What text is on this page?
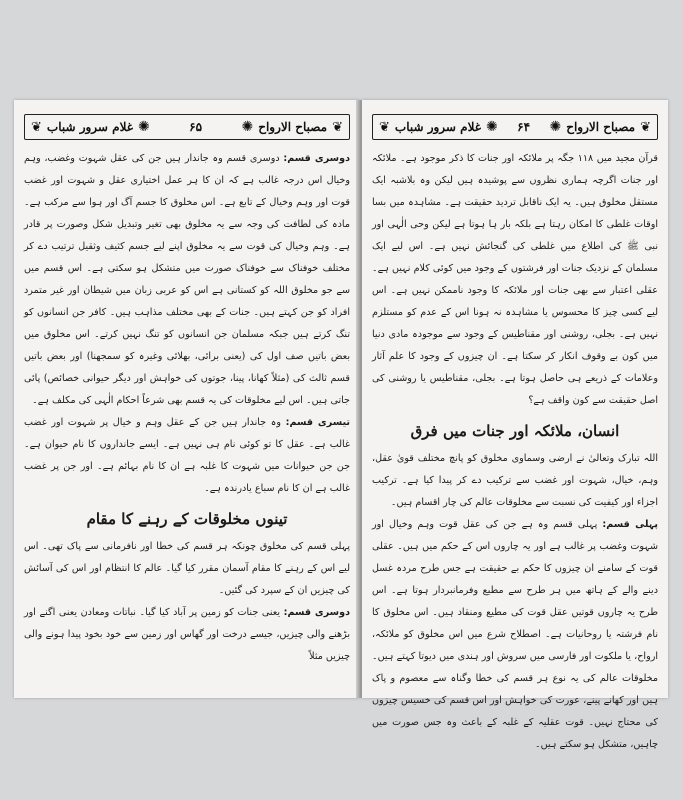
❦ غلام سرور شباب ✺	۶۵	✺ مصباح الارواح ❦

دوسری قسم: دوسری قسم وہ جاندار ہیں جن کی عقل شہوت وغضب، وہم وخیال اس درجہ غالب ہے کہ ان کا ہر عمل اختیاری عقل و شہوت اور غضب قوت اور وہم وخیال کے تابع ہے۔ اس مخلوق کا جسم آگ اور ہوا سے مرکب ہے۔ مادہ کی لطافت کی وجہ سے یہ مخلوق بھی تغیر وتبدیل شکل وصورت پر قادر ہے۔ وہم وخیال کی قوت سے یہ مخلوق اپنے لیے جسم کثیف وثقیل ترتیب دے کر مختلف خوفناک سے خوفناک صورت میں متشکل ہو سکتی ہے۔ اس قسم میں سے جو مخلوق اللہ کو کستانی ہے اس کو عربی زبان میں شیطان اور غیر متمرد افراد کو جن کہتے ہیں۔ جنات کے بھی مختلف مذاہب ہیں۔ کافر جن انسانوں کو تنگ کرتے ہیں جبکہ مسلمان جن انسانوں کو تنگ نہیں کرتے۔ اس مخلوق میں بعض باتیں صف اول کی (یعنی برائی، بھلائی وغیرہ کو سمجھنا) اور بعض باتیں قسم ثالث کی (مثلاً کھانا، پینا، جوتوں کی خواہش اور دیگر حیوانی خصائص) پائی جاتی ہیں۔ اس لیے مخلوقات کی یہ قسم بھی شرعاً احکام الٰہی کی مکلف ہے۔

تیسری قسم: وہ جاندار ہیں جن کے عقل وہم و خیال پر شہوت اور غضب غالب ہے۔ عقل کا تو کوئی نام ہی نہیں ہے۔ ایسے جانداروں کا نام حیوان ہے۔ جن جن حیوانات میں شہوت کا غلبہ ہے ان کا نام بہائم ہے۔ اور جن پر غضب غالب ہے ان کا نام سباع یادرندہ ہے۔

تینوں مخلوقات کے رہنے کا مقام

پہلی قسم کی مخلوق چونکہ ہر قسم کی خطا اور نافرمانی سے پاک تھی۔ اس لیے اس کے رہنے کا مقام آسمان مقرر کیا گیا۔ عالم کا انتظام اور اس کی آسائش کی چیزیں ان کے سپرد کی گئیں۔

دوسری قسم: یعنی جنات کو زمین پر آباد کیا گیا۔ نباتات ومعادن یعنی اگنے اور بڑھنے والی چیزیں، جیسے درخت اور گھاس اور زمین سے خود بخود پیدا ہونے والی چیزیں مثلاً

❦ غلام سرور شباب ✺ ۶۴ ✺ مصباح الارواح ❦

قرآن مجید میں ۱۱۸ جگہ پر ملائکہ اور جنات کا ذکر موجود ہے۔ ملائکہ اور جنات اگرچہ ہماری نظروں سے پوشیدہ ہیں لیکن وہ بلاشبہ ایک مستقل مخلوق ہیں۔ یہ ایک ناقابل تردید حقیقت ہے۔ مشاہدہ میں بسا اوقات غلطی کا امکان رہتا ہے بلکہ بار ہا ہوتا ہے لیکن وحی الٰہی اور نبی ﷺ کی اطلاع میں غلطی کی گنجائش نہیں ہے۔ اس لیے ایک مسلمان کے نزدیک جنات اور فرشتوں کے وجود میں کوئی کلام نہیں ہے۔ عقلی اعتبار سے بھی جنات اور ملائکہ کا وجود ناممکن نہیں ہے۔ اس لیے کسی چیز کا محسوس یا مشاہدہ نہ ہونا اس کے عدم کو مستلزم نہیں ہے۔ بجلی، روشنی اور مقناطیس کے وجود سے موجودہ مادی دنیا میں کون بے وقوف انکار کر سکتا ہے۔ ان چیزوں کے وجود کا علم آثار وعلامات کے ذریعے ہی حاصل ہوتا ہے۔ بجلی، مقناطیس یا روشنی کی اصل حقیقت سے کون واقف ہے؟

انسان، ملائکہ اور جنات میں فرق

اللہ تبارک وتعالیٰ نے ارضی وسماوی مخلوق کو پانچ مختلف قویٰ عقل، وہم، خیال، شہوت اور غضب سے ترکیب دے کر پیدا کیا ہے۔ ترکیب اجزاء اور کیفیت کی نسبت سے مخلوقات عالم کی چار اقسام ہیں۔

پہلی قسم: پہلی قسم وہ ہے جن کی عقل قوت وہم وخیال اور شہوت وغضب پر غالب ہے اور یہ چاروں اس کے حکم میں ہیں۔ عقلی قوت کے سامنے ان چیزوں کا حکم بے حقیقت ہے جس طرح مردہ غسل دینے والے کے ہاتھ میں ہر طرح سے مطیع وفرمانبردار ہوتا ہے۔ اس طرح یہ چاروں قوتیں عقل قوت کی مطیع ومنقاد ہیں۔ اس مخلوق کا نام فرشتہ یا روحانیات ہے۔ اصطلاح شرع میں اس مخلوق کو ملائکہ، ارواح، یا ملکوت اور فارسی میں سروش اور ہندی میں دیوتا کہتے ہیں۔ مخلوقات عالم کی یہ نوع ہر قسم کی خطا وگناہ سے معصوم و پاک ہیں اور کھانے پینے، عورت کی خواہش اور اس قسم کی خسیس چیزوں کی محتاج نہیں۔ قوت عقلیہ کے غلبہ کے باعث وہ جس صورت میں چاہیں، متشکل ہو سکتے ہیں۔
